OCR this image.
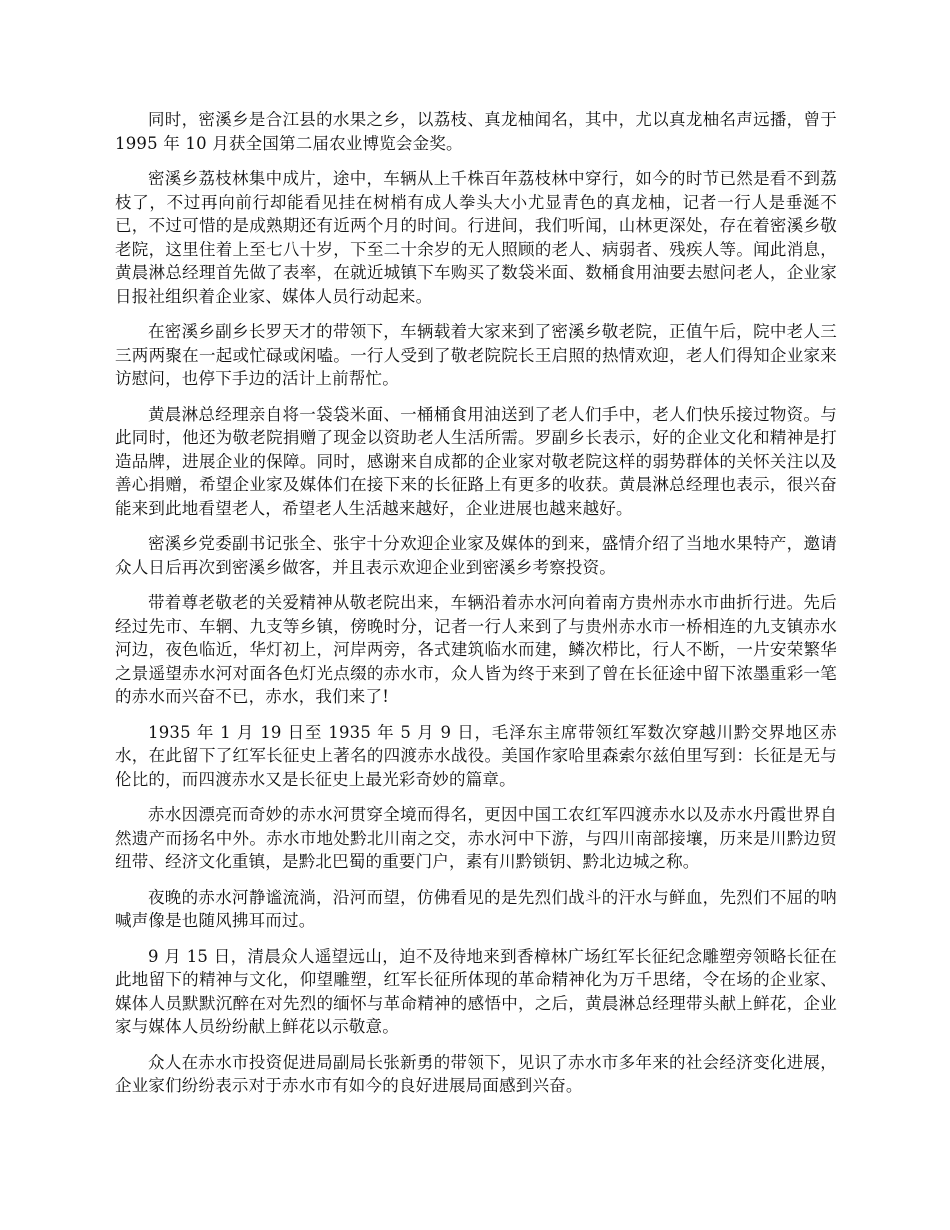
同时，密溪乡是合江县的水果之乡，以荔枝、真龙柚闻名，其中，尤以真龙柚名声远播，曾于 1995 年 10 月获全国第二届农业博览会金奖。

密溪乡荔枝林集中成片，途中，车辆从上千株百年荔枝林中穿行，如今的时节已然是看不到荔枝了，不过再向前行却能看见挂在树梢有成人拳头大小尤显青色的真龙柚，记者一行人是垂涎不已，不过可惜的是成熟期还有近两个月的时间。行进间，我们听闻，山林更深处，存在着密溪乡敬老院，这里住着上至七八十岁，下至二十余岁的无人照顾的老人、病弱者、残疾人等。闻此消息，黄晨淋总经理首先做了表率，在就近城镇下车购买了数袋米面、数桶食用油要去慰问老人，企业家日报社组织着企业家、媒体人员行动起来。

在密溪乡副乡长罗天才的带领下，车辆载着大家来到了密溪乡敬老院，正值午后，院中老人三三两两聚在一起或忙碌或闲嗑。一行人受到了敬老院院长王启照的热情欢迎，老人们得知企业家来访慰问，也停下手边的活计上前帮忙。

黄晨淋总经理亲自将一袋袋米面、一桶桶食用油送到了老人们手中，老人们快乐接过物资。与此同时，他还为敬老院捐赠了现金以资助老人生活所需。罗副乡长表示，好的企业文化和精神是打造品牌，进展企业的保障。同时，感谢来自成都的企业家对敬老院这样的弱势群体的关怀关注以及善心捐赠，希望企业家及媒体们在接下来的长征路上有更多的收获。黄晨淋总经理也表示，很兴奋能来到此地看望老人，希望老人生活越来越好，企业进展也越来越好。

密溪乡党委副书记张全、张宇十分欢迎企业家及媒体的到来，盛情介绍了当地水果特产，邀请众人日后再次到密溪乡做客，并且表示欢迎企业到密溪乡考察投资。

带着尊老敬老的关爱精神从敬老院出来，车辆沿着赤水河向着南方贵州赤水市曲折行进。先后经过先市、车辋、九支等乡镇，傍晚时分，记者一行人来到了与贵州赤水市一桥相连的九支镇赤水河边，夜色临近，华灯初上，河岸两旁，各式建筑临水而建，鳞次栉比，行人不断，一片安荣繁华之景遥望赤水河对面各色灯光点缀的赤水市，众人皆为终于来到了曾在长征途中留下浓墨重彩一笔的赤水而兴奋不已，赤水，我们来了!

1935 年 1 月 19 日至 1935 年 5 月 9 日，毛泽东主席带领红军数次穿越川黔交界地区赤水，在此留下了红军长征史上著名的四渡赤水战役。美国作家哈里森索尔兹伯里写到：长征是无与伦比的，而四渡赤水又是长征史上最光彩奇妙的篇章。

赤水因漂亮而奇妙的赤水河贯穿全境而得名，更因中国工农红军四渡赤水以及赤水丹霞世界自然遗产而扬名中外。赤水市地处黔北川南之交，赤水河中下游，与四川南部接壤，历来是川黔边贸纽带、经济文化重镇，是黔北巴蜀的重要门户，素有川黔锁钥、黔北边城之称。

夜晚的赤水河静谧流淌，沿河而望，仿佛看见的是先烈们战斗的汗水与鲜血，先烈们不屈的呐喊声像是也随风拂耳而过。

9 月 15 日，清晨众人遥望远山，迫不及待地来到香樟林广场红军长征纪念雕塑旁领略长征在此地留下的精神与文化，仰望雕塑，红军长征所体现的革命精神化为万千思绪，令在场的企业家、媒体人员默默沉醉在对先烈的缅怀与革命精神的感悟中，之后，黄晨淋总经理带头献上鲜花，企业家与媒体人员纷纷献上鲜花以示敬意。

众人在赤水市投资促进局副局长张新勇的带领下，见识了赤水市多年来的社会经济变化进展，企业家们纷纷表示对于赤水市有如今的良好进展局面感到兴奋。
